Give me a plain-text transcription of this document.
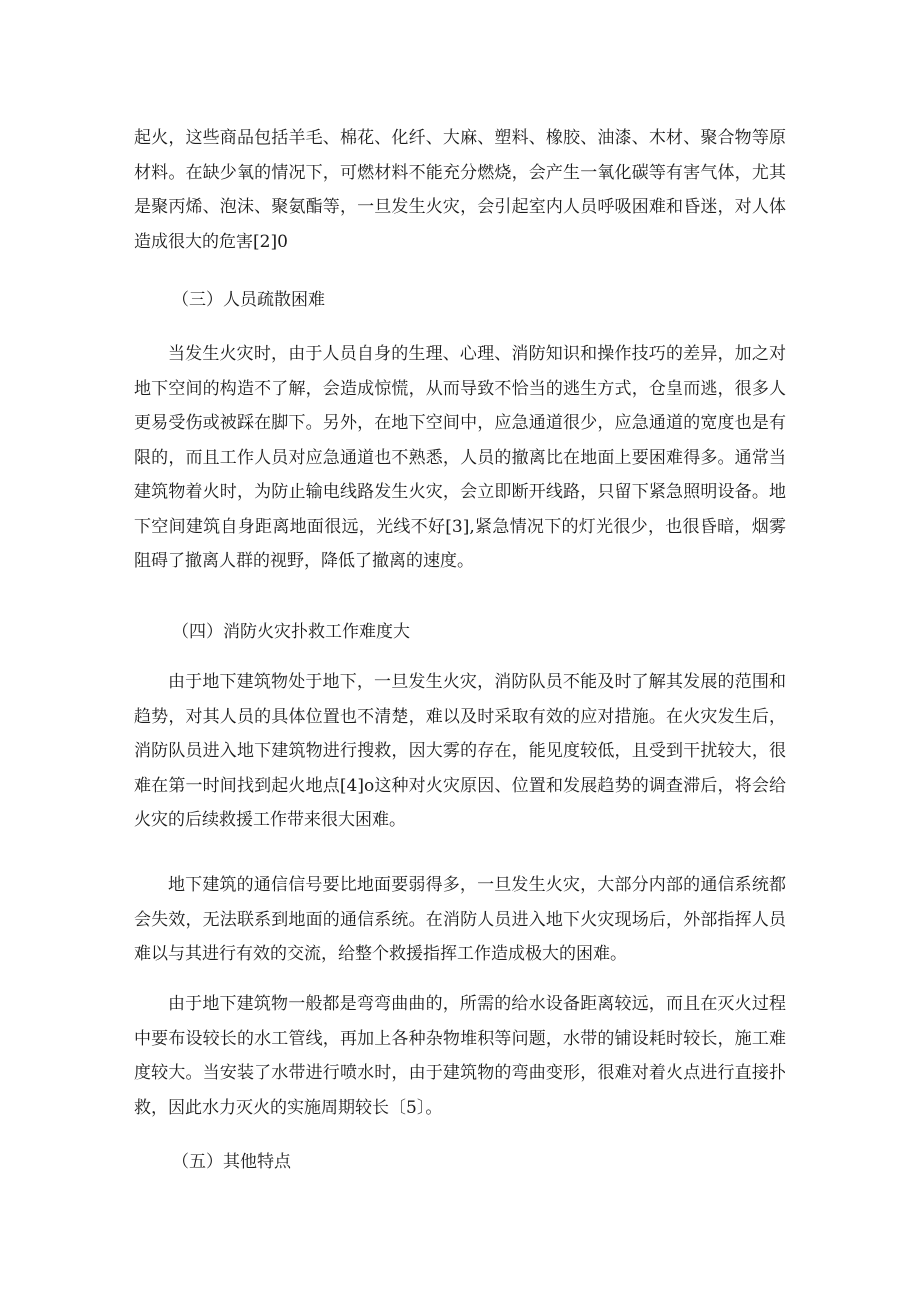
起火，这些商品包括羊毛、棉花、化纤、大麻、塑料、橡胶、油漆、木材、聚合物等原材料。在缺少氧的情况下，可燃材料不能充分燃烧，会产生一氧化碳等有害气体，尤其是聚丙烯、泡沫、聚氨酯等，一旦发生火灾，会引起室内人员呼吸困难和昏迷，对人体造成很大的危害[2]0

（三）人员疏散困难

当发生火灾时，由于人员自身的生理、心理、消防知识和操作技巧的差异，加之对地下空间的构造不了解，会造成惊慌，从而导致不恰当的逃生方式，仓皇而逃，很多人更易受伤或被踩在脚下。另外，在地下空间中，应急通道很少，应急通道的宽度也是有限的，而且工作人员对应急通道也不熟悉，人员的撤离比在地面上要困难得多。通常当建筑物着火时，为防止输电线路发生火灾，会立即断开线路，只留下紧急照明设备。地下空间建筑自身距离地面很远，光线不好[3],紧急情况下的灯光很少，也很昏暗，烟雾阻碍了撤离人群的视野，降低了撤离的速度。

（四）消防火灾扑救工作难度大

由于地下建筑物处于地下，一旦发生火灾，消防队员不能及时了解其发展的范围和趋势，对其人员的具体位置也不清楚，难以及时采取有效的应对措施。在火灾发生后，消防队员进入地下建筑物进行搜救，因大雾的存在，能见度较低，且受到干扰较大，很难在第一时间找到起火地点[4]o这种对火灾原因、位置和发展趋势的调查滞后，将会给火灾的后续救援工作带来很大困难。

地下建筑的通信信号要比地面要弱得多，一旦发生火灾，大部分内部的通信系统都会失效，无法联系到地面的通信系统。在消防人员进入地下火灾现场后，外部指挥人员难以与其进行有效的交流，给整个救援指挥工作造成极大的困难。

由于地下建筑物一般都是弯弯曲曲的，所需的给水设备距离较远，而且在灭火过程中要布设较长的水工管线，再加上各种杂物堆积等问题，水带的铺设耗时较长，施工难度较大。当安装了水带进行喷水时，由于建筑物的弯曲变形，很难对着火点进行直接扑救，因此水力灭火的实施周期较长〔5〕。

（五）其他特点
